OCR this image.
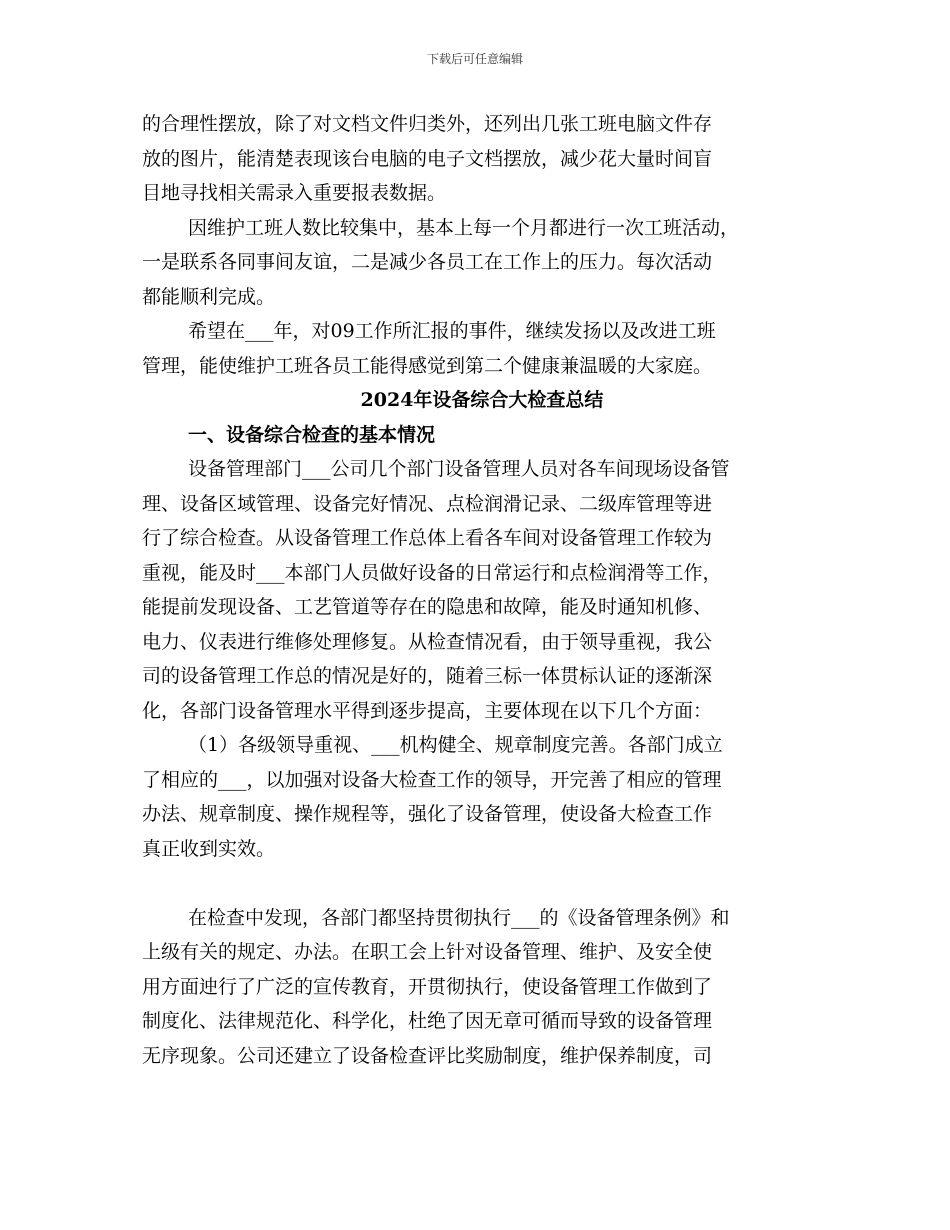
下载后可任意编辑
的合理性摆放，除了对文档文件归类外，还列出几张工班电脑文件存
放的图片，能清楚表现该台电脑的电子文档摆放，减少花大量时间盲
目地寻找相关需录入重要报表数据。
因维护工班人数比较集中，基本上每一个月都进行一次工班活动，
一是联系各同事间友谊，二是减少各员工在工作上的压力。每次活动
都能顺利完成。
希望在___年，对09工作所汇报的事件，继续发扬以及改进工班
管理，能使维护工班各员工能得感觉到第二个健康兼温暖的大家庭。
2024年设备综合大检查总结
一、设备综合检查的基本情况
设备管理部门___公司几个部门设备管理人员对各车间现场设备管
理、设备区域管理、设备完好情况、点检润滑记录、二级库管理等进
行了综合检查。从设备管理工作总体上看各车间对设备管理工作较为
重视，能及时___本部门人员做好设备的日常运行和点检润滑等工作，
能提前发现设备、工艺管道等存在的隐患和故障，能及时通知机修、
电力、仪表进行维修处理修复。从检查情况看，由于领导重视，我公
司的设备管理工作总的情况是好的，随着三标一体贯标认证的逐渐深
化，各部门设备管理水平得到逐步提高，主要体现在以下几个方面：
（1）各级领导重视、___机构健全、规章制度完善。各部门成立
了相应的___，以加强对设备大检查工作的领导，开完善了相应的管理
办法、规章制度、操作规程等，强化了设备管理，使设备大检查工作
真正收到实效。
在检查中发现，各部门都坚持贯彻执行___的《设备管理条例》和
上级有关的规定、办法。在职工会上针对设备管理、维护、及安全使
用方面迚行了广泛的宣传教育，开贯彻执行，使设备管理工作做到了
制度化、法律规范化、科学化，杜绝了因无章可循而导致的设备管理
无序现象。公司还建立了设备检查评比奖励制度，维护保养制度，司
